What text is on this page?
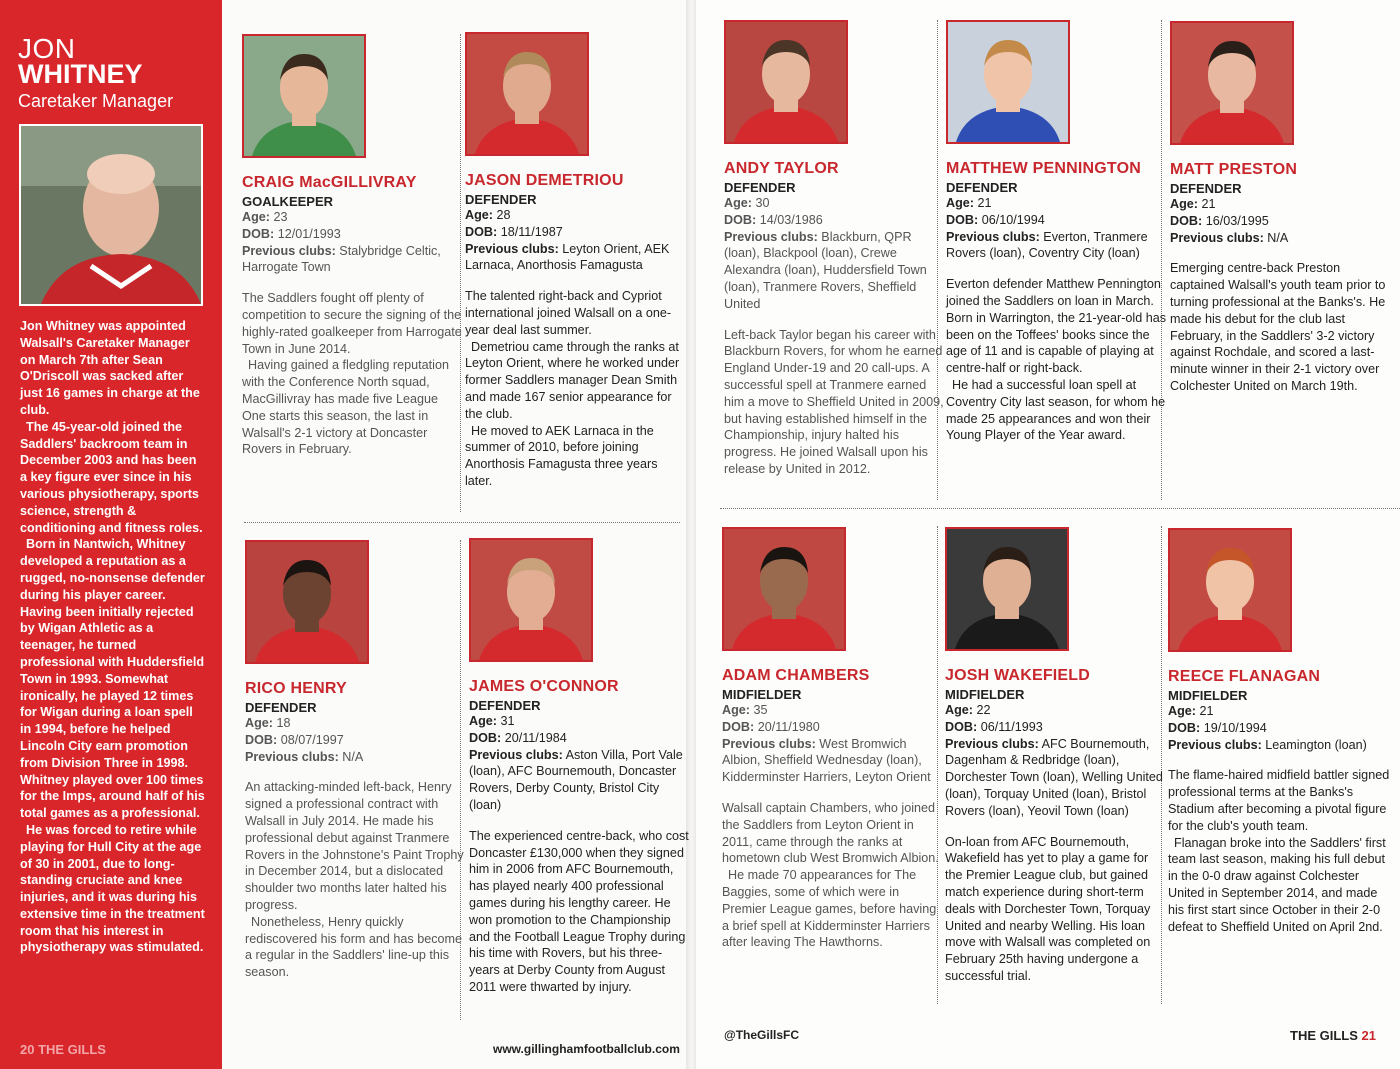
JON
WHITNEY
Caretaker Manager

Jon Whitney was appointed Walsall's Caretaker Manager on March 7th after Sean O'Driscoll was sacked after just 16 games in charge at the club.

The 45-year-old joined the Saddlers' backroom team in December 2003 and has been a key figure ever since in his various physiotherapy, sports science, strength & conditioning and fitness roles.

Born in Nantwich, Whitney developed a reputation as a rugged, no-nonsense defender during his player career. Having been initially rejected by Wigan Athletic as a teenager, he turned professional with Huddersfield Town in 1993. Somewhat ironically, he played 12 times for Wigan during a loan spell in 1994, before he helped Lincoln City earn promotion from Division Three in 1998. Whitney played over 100 times for the Imps, around half of his total games as a professional.

He was forced to retire while playing for Hull City at the age of 30 in 2001, due to long-standing cruciate and knee injuries, and it was during his extensive time in the treatment room that his interest in physiotherapy was stimulated.

20 THE GILLS
CRAIG MacGILLIVRAY
GOALKEEPER
Age: 23
DOB: 12/01/1993
Previous clubs: Stalybridge Celtic, Harrogate Town

The Saddlers fought off plenty of competition to secure the signing of the highly-rated goalkeeper from Harrogate Town in June 2014.

Having gained a fledgling reputation with the Conference North squad, MacGillivray has made five League One starts this season, the last in Walsall's 2-1 victory at Doncaster Rovers in February.

JASON DEMETRIOU
DEFENDER
Age: 28
DOB: 18/11/1987
Previous clubs: Leyton Orient, AEK Larnaca, Anorthosis Famagusta

The talented right-back and Cypriot international joined Walsall on a one-year deal last summer.

Demetriou came through the ranks at Leyton Orient, where he worked under former Saddlers manager Dean Smith and made 167 senior appearance for the club.

He moved to AEK Larnaca in the summer of 2010, before joining Anorthosis Famagusta three years later.

RICO HENRY
DEFENDER
Age: 18
DOB: 08/07/1997
Previous clubs: N/A

An attacking-minded left-back, Henry signed a professional contract with Walsall in July 2014. He made his professional debut against Tranmere Rovers in the Johnstone's Paint Trophy in December 2014, but a dislocated shoulder two months later halted his progress.

Nonetheless, Henry quickly rediscovered his form and has become a regular in the Saddlers' line-up this season.

JAMES O'CONNOR
DEFENDER
Age: 31
DOB: 20/11/1984
Previous clubs: Aston Villa, Port Vale (loan), AFC Bournemouth, Doncaster Rovers, Derby County, Bristol City (loan)

The experienced centre-back, who cost Doncaster £130,000 when they signed him in 2006 from AFC Bournemouth, has played nearly 400 professional games during his lengthy career. He won promotion to the Championship and the Football League Trophy during his time with Rovers, but his three-years at Derby County from August 2011 were thwarted by injury.

ANDY TAYLOR
DEFENDER
Age: 30
DOB: 14/03/1986
Previous clubs: Blackburn, QPR (loan), Blackpool (loan), Crewe Alexandra (loan), Huddersfield Town (loan), Tranmere Rovers, Sheffield United

Left-back Taylor began his career with Blackburn Rovers, for whom he earned England Under-19 and 20 call-ups. A successful spell at Tranmere earned him a move to Sheffield United in 2009, but having established himself in the Championship, injury halted his progress. He joined Walsall upon his release by United in 2012.

MATTHEW PENNINGTON
DEFENDER
Age: 21
DOB: 06/10/1994
Previous clubs: Everton, Tranmere Rovers (loan), Coventry City (loan)

Everton defender Matthew Pennington joined the Saddlers on loan in March. Born in Warrington, the 21-year-old has been on the Toffees' books since the age of 11 and is capable of playing at centre-half or right-back.

He had a successful loan spell at Coventry City last season, for whom he made 25 appearances and won their Young Player of the Year award.

MATT PRESTON
DEFENDER
Age: 21
DOB: 16/03/1995
Previous clubs: N/A

Emerging centre-back Preston captained Walsall's youth team prior to turning professional at the Banks's. He made his debut for the club last February, in the Saddlers' 3-2 victory against Rochdale, and scored a last-minute winner in their 2-1 victory over Colchester United on March 19th.

ADAM CHAMBERS
MIDFIELDER
Age: 35
DOB: 20/11/1980
Previous clubs: West Bromwich Albion, Sheffield Wednesday (loan), Kidderminster Harriers, Leyton Orient

Walsall captain Chambers, who joined the Saddlers from Leyton Orient in 2011, came through the ranks at hometown club West Bromwich Albion.

He made 70 appearances for The Baggies, some of which were in Premier League games, before having a brief spell at Kidderminster Harriers after leaving The Hawthorns.

JOSH WAKEFIELD
MIDFIELDER
Age: 22
DOB: 06/11/1993
Previous clubs: AFC Bournemouth, Dagenham & Redbridge (loan), Dorchester Town (loan), Welling United (loan), Torquay United (loan), Bristol Rovers (loan), Yeovil Town (loan)

On-loan from AFC Bournemouth, Wakefield has yet to play a game for the Premier League club, but gained match experience during short-term deals with Dorchester Town, Torquay United and nearby Welling. His loan move with Walsall was completed on February 25th having undergone a successful trial.

REECE FLANAGAN
MIDFIELDER
Age: 21
DOB: 19/10/1994
Previous clubs: Leamington (loan)

The flame-haired midfield battler signed professional terms at the Banks's Stadium after becoming a pivotal figure for the club's youth team.

Flanagan broke into the Saddlers' first team last season, making his full debut in the 0-0 draw against Colchester United in September 2014, and made his first start since October in their 2-0 defeat to Sheffield United on April 2nd.

www.gillinghamfootballclub.com
@TheGillsFC	THE GILLS 21
